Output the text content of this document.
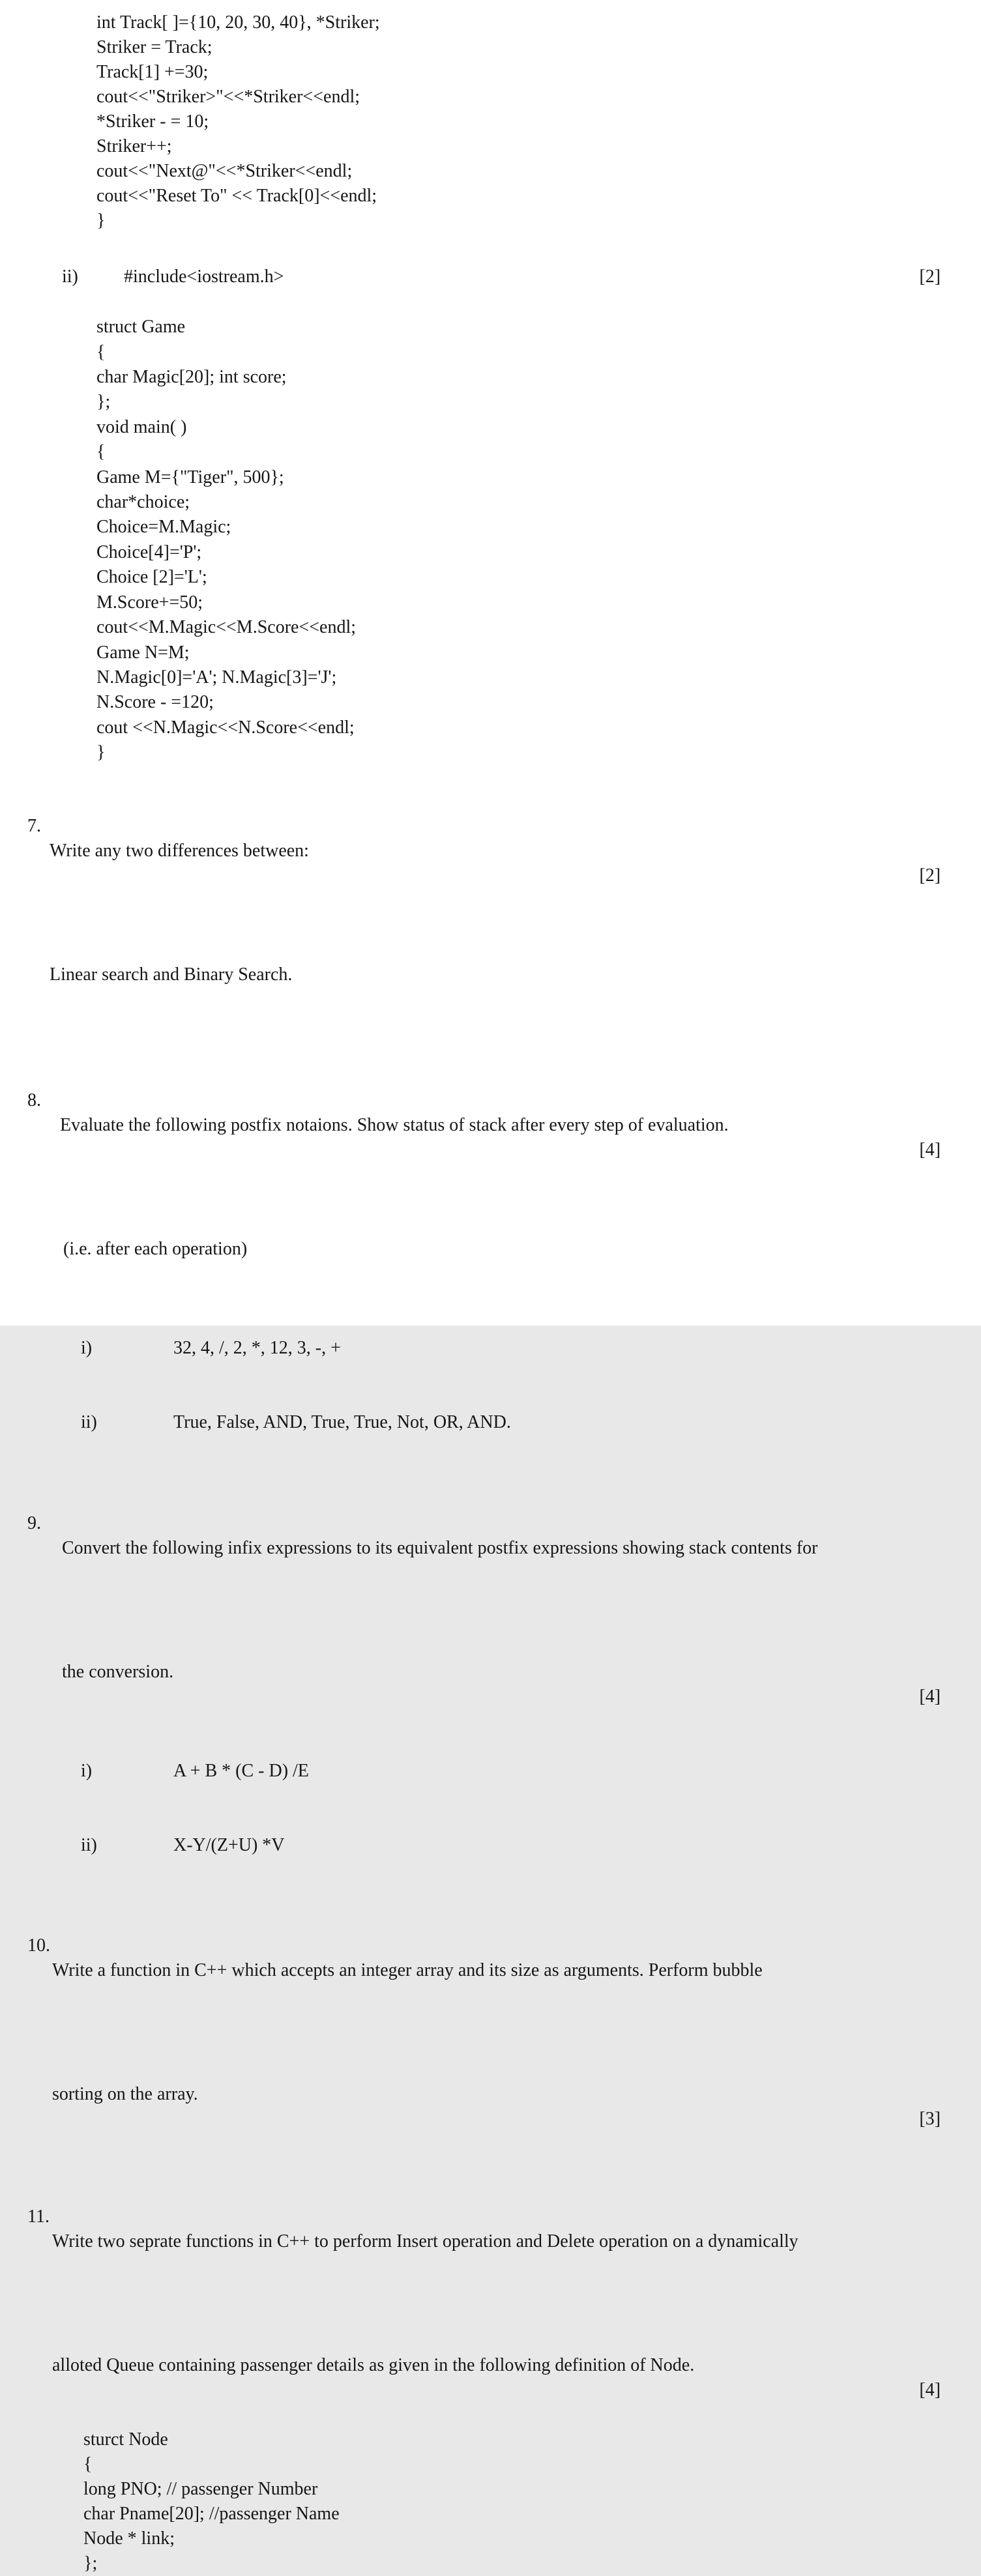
int Track[ ]={10, 20, 30, 40}, *Striker;
Striker = Track;
Track[1] +=30;
cout<<"Striker>"<<*Striker<<endl;
*Striker - = 10;
Striker++;
cout<<"Next@"<<*Striker<<endl;
cout<<"Reset To" << Track[0]<<endl;
}

ii)	#include<iostream.h>	[2]

struct Game
{
char Magic[20]; int score;
};
void main( )
{
Game M={"Tiger", 500};
char*choice;
Choice=M.Magic;
Choice[4]='P';
Choice [2]='L';
M.Score+=50;
cout<<M.Magic<<M.Score<<endl;
Game N=M;
N.Magic[0]='A'; N.Magic[3]='J';
N.Score - =120;
cout <<N.Magic<<N.Score<<endl;
}

7.
Write any two differences between:
[2]

Linear search and Binary Search.

8.
Evaluate the following postfix notaions. Show status of stack after every step of evaluation.
[4]

(i.e. after each operation)

i)	32, 4, /, 2, *, 12, 3, -, +

ii)	True, False, AND, True, True, Not, OR, AND.

9.
Convert the following infix expressions to its equivalent postfix expressions showing stack contents for

the conversion.
[4]

i)	A + B * (C - D) /E

ii)	X-Y/(Z+U) *V

10.
Write a function in C++ which accepts an integer array and its size as arguments. Perform bubble

sorting on the array.
[3]

11.
Write two seprate functions in C++ to perform Insert operation and Delete operation on a dynamically

alloted Queue containing passenger details as given in the following definition of Node.
[4]

sturct Node
{
long PNO; // passenger Number
char Pname[20]; //passenger Name
Node * link;
};
